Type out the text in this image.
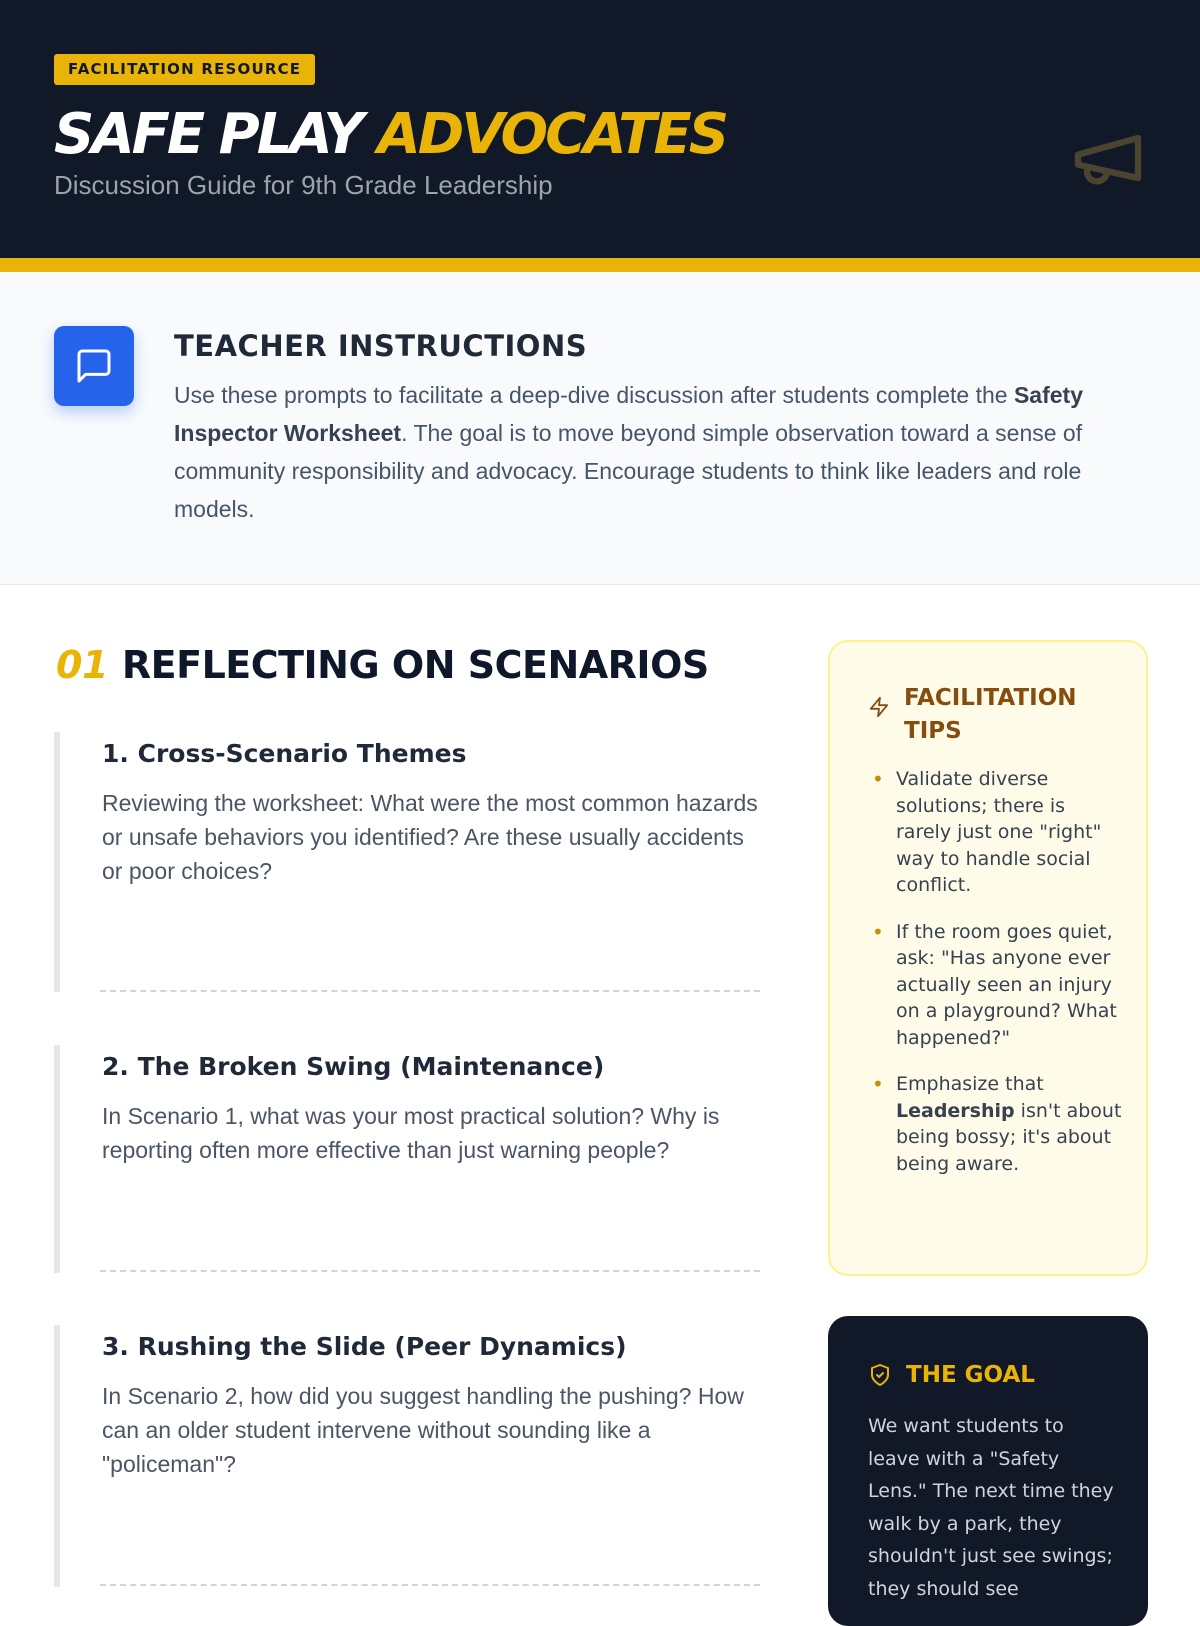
FACILITATION RESOURCE
SAFE PLAY ADVOCATES
Discussion Guide for 9th Grade Leadership
TEACHER INSTRUCTIONS

Use these prompts to facilitate a deep-dive discussion after students complete the Safety Inspector Worksheet. The goal is to move beyond simple observation toward a sense of community responsibility and advocacy. Encourage students to think like leaders and role models.

01 REFLECTING ON SCENARIOS
1. Cross-Scenario Themes

Reviewing the worksheet: What were the most common hazards or unsafe behaviors you identified? Are these usually accidents or poor choices?

2. The Broken Swing (Maintenance)

In Scenario 1, what was your most practical solution? Why is reporting often more effective than just warning people?

3. Rushing the Slide (Peer Dynamics)

In Scenario 2, how did you suggest handling the pushing? How can an older student intervene without sounding like a "policeman"?

FACILITATION TIPS
• Validate diverse solutions; there is rarely just one "right" way to handle social conflict.
• If the room goes quiet, ask: "Has anyone ever actually seen an injury on a playground? What happened?"
• Emphasize that Leadership isn't about being bossy; it's about being aware.
THE GOAL

We want students to leave with a "Safety Lens." The next time they walk by a park, they shouldn't just see swings; they should see
